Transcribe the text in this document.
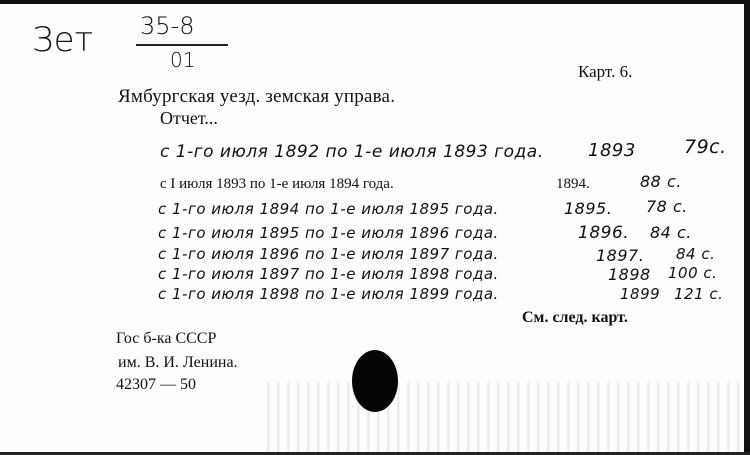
Зет 35-8
01	Карт. 6.
Ямбургская уезд. земская управа.
Отчет...
с 1-го июля 1892 по 1-е июля 1893 года. 1893	79с.
с I июля 1893 по 1-е июля 1894 года.	1894.	88 с.
с 1-го июля 1894 по 1-е июля 1895 года.	1895. 78 с.
с 1-го июля 1895 по 1-е июля 1896 года.	1896. 84 с.
с 1-го июля 1896 по 1-е июля 1897 года.	1897. 84 с.
с 1-го июля 1897 по 1-е июля 1898 года.	1898 100 с.
с 1-го июля 1898 по 1-е июля 1899 года.	1899 121 с.
См. след. карт.
Гос б-ка СССР
им. В. И. Ленина.
42307 — 50
